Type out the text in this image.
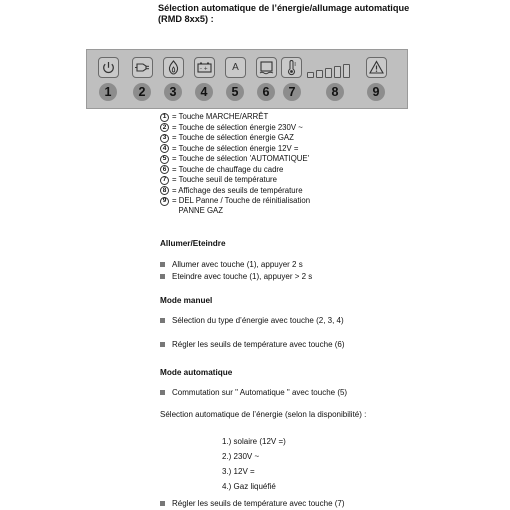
Sélection automatique de l’énergie/allumage automatique (RMD 8xx5) :
– + A
1	2	3	4	5	6	7	8	9
1 = Touche MARCHE/ARRÊT
2 = Touche de sélection énergie 230V ~
3 = Touche de sélection énergie GAZ
4 = Touche de sélection énergie 12V =
5 = Touche de sélection 'AUTOMATIQUE'
6 = Touche de chauffage du cadre
7 = Touche seuil de température
8 = Affichage des seuils de température
9 = DEL Panne / Touche de réinitialisation
PANNE GAZ
Allumer/Eteindre
Allumer avec touche (1), appuyer 2 s
Eteindre avec touche (1), appuyer > 2 s
Mode manuel
Sélection du type d’énergie avec touche (2, 3, 4)
Régler les seuils de température avec touche (6)
Mode automatique
Commutation sur " Automatique " avec touche (5)
Sélection automatique de l’énergie (selon la disponibilité) :
1.) solaire (12V =)
2.) 230V ~
3.) 12V =
4.) Gaz liquéfié
Régler les seuils de température avec touche (7)
